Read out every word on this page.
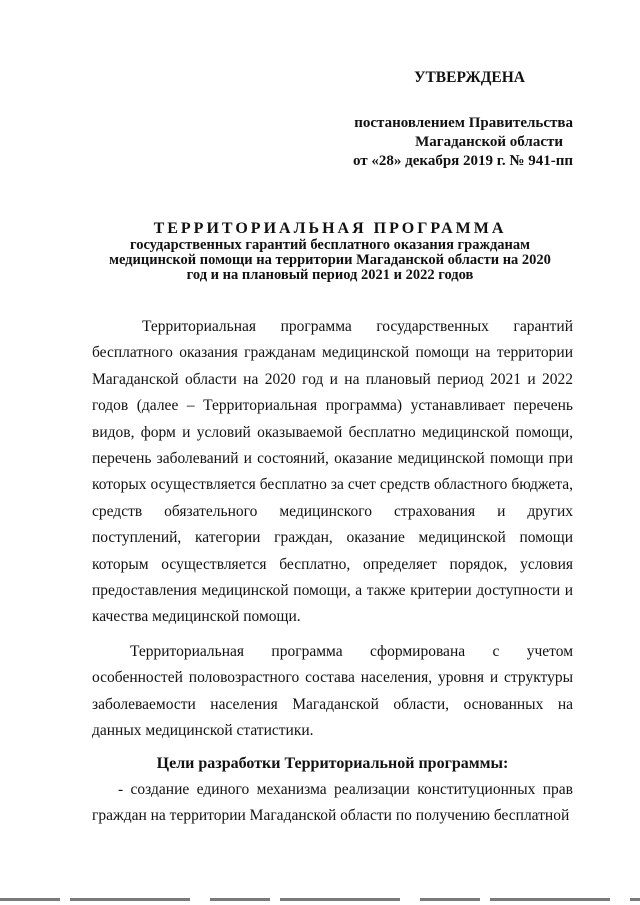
УТВЕРЖДЕНА
постановлением Правительства
Магаданской области
от «28» декабря 2019 г. № 941-пп
ТЕРРИТОРИАЛЬНАЯ ПРОГРАММА
государственных гарантий бесплатного оказания гражданам
медицинской помощи на территории Магаданской области на 2020
год и на плановый период 2021 и 2022 годов

Территориальная программа государственных гарантий бесплатного оказания гражданам медицинской помощи на территории Магаданской области на 2020 год и на плановый период 2021 и 2022 годов (далее – Территориальная программа) устанавливает перечень видов, форм и условий оказываемой бесплатно медицинской помощи, перечень заболеваний и состояний, оказание медицинской помощи при которых осуществляется бесплатно за счет средств областного бюджета, средств обязательного медицинского страхования и других поступлений, категории граждан, оказание медицинской помощи которым осуществляется бесплатно, определяет порядок, условия предоставления медицинской помощи, а также критерии доступности и качества медицинской помощи.

Территориальная программа сформирована с учетом особенностей половозрастного состава населения, уровня и структуры заболеваемости населения Магаданской области, основанных на данных медицинской статистики.

Цели разработки Территориальной программы:

- создание единого механизма реализации конституционных прав граждан на территории Магаданской области по получению бесплатной
